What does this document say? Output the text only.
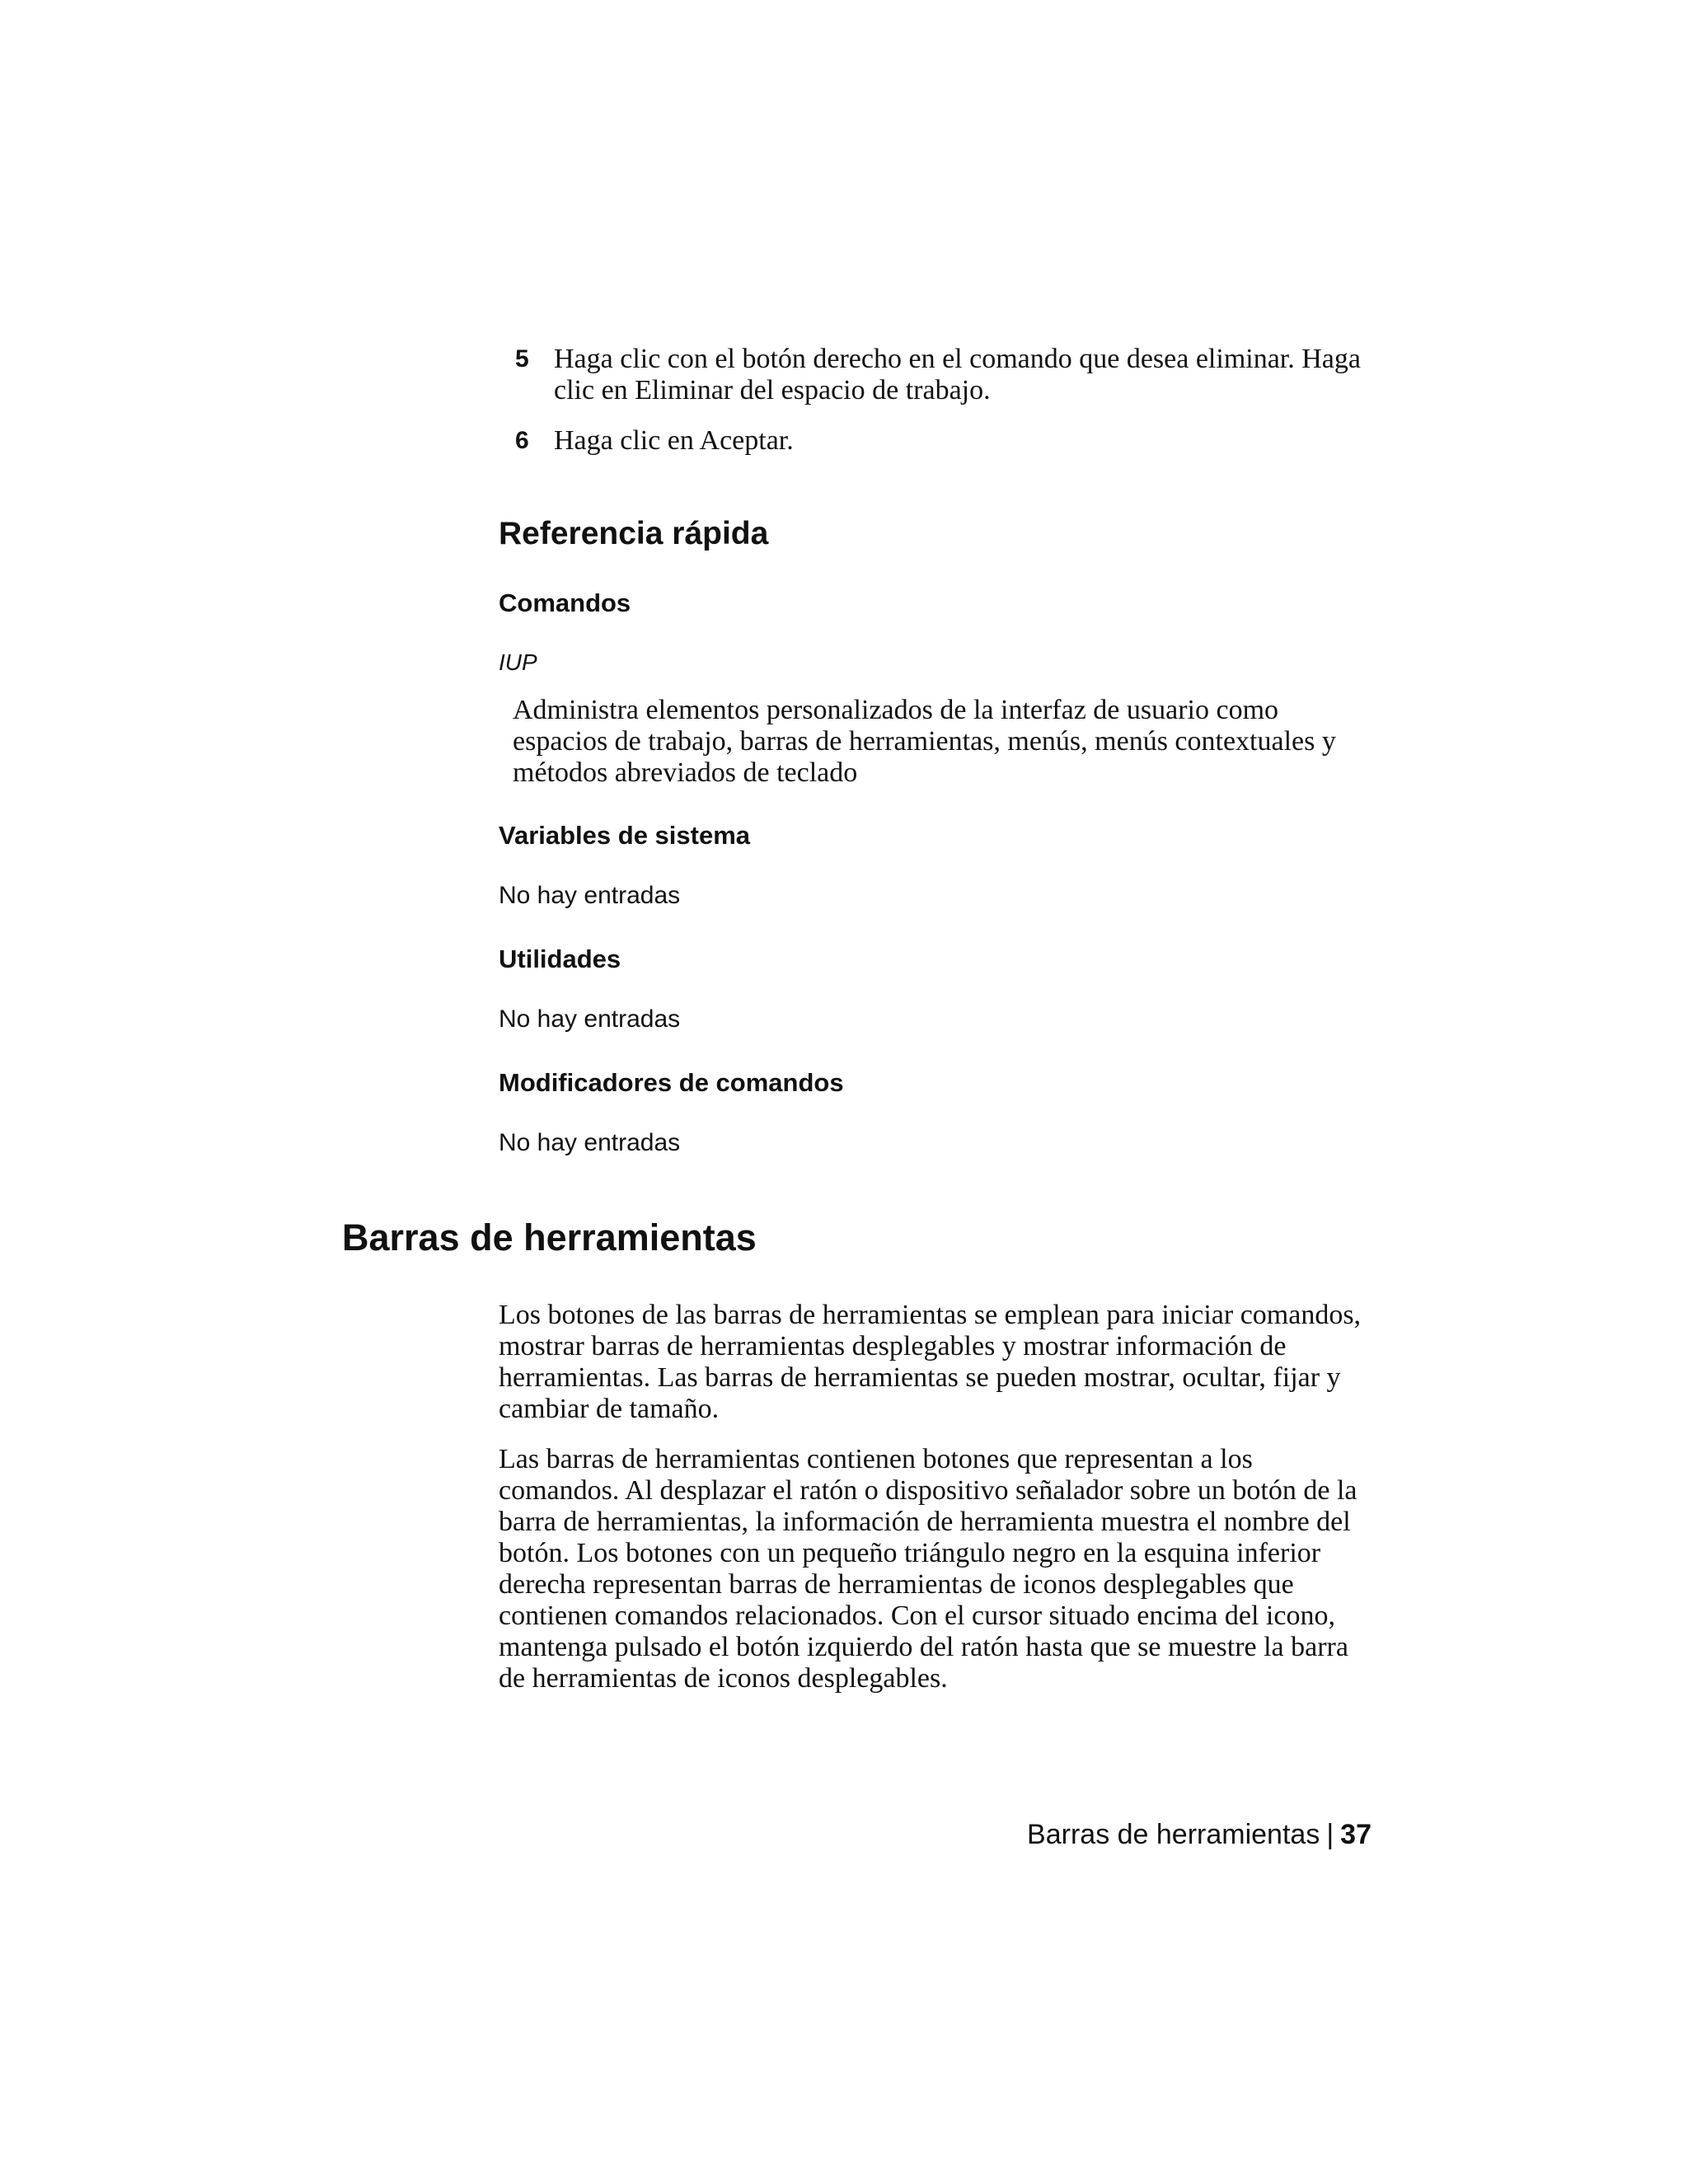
5 Haga clic con el botón derecho en el comando que desea eliminar. Haga clic en Eliminar del espacio de trabajo.
6 Haga clic en Aceptar.
Referencia rápida
Comandos
IUP
Administra elementos personalizados de la interfaz de usuario como espacios de trabajo, barras de herramientas, menús, menús contextuales y métodos abreviados de teclado
Variables de sistema
No hay entradas
Utilidades
No hay entradas
Modificadores de comandos
No hay entradas
Barras de herramientas
Los botones de las barras de herramientas se emplean para iniciar comandos, mostrar barras de herramientas desplegables y mostrar información de herramientas. Las barras de herramientas se pueden mostrar, ocultar, fijar y cambiar de tamaño.
Las barras de herramientas contienen botones que representan a los comandos. Al desplazar el ratón o dispositivo señalador sobre un botón de la barra de herramientas, la información de herramienta muestra el nombre del botón. Los botones con un pequeño triángulo negro en la esquina inferior derecha representan barras de herramientas de iconos desplegables que contienen comandos relacionados. Con el cursor situado encima del icono, mantenga pulsado el botón izquierdo del ratón hasta que se muestre la barra de herramientas de iconos desplegables.
Barras de herramientas | 37
